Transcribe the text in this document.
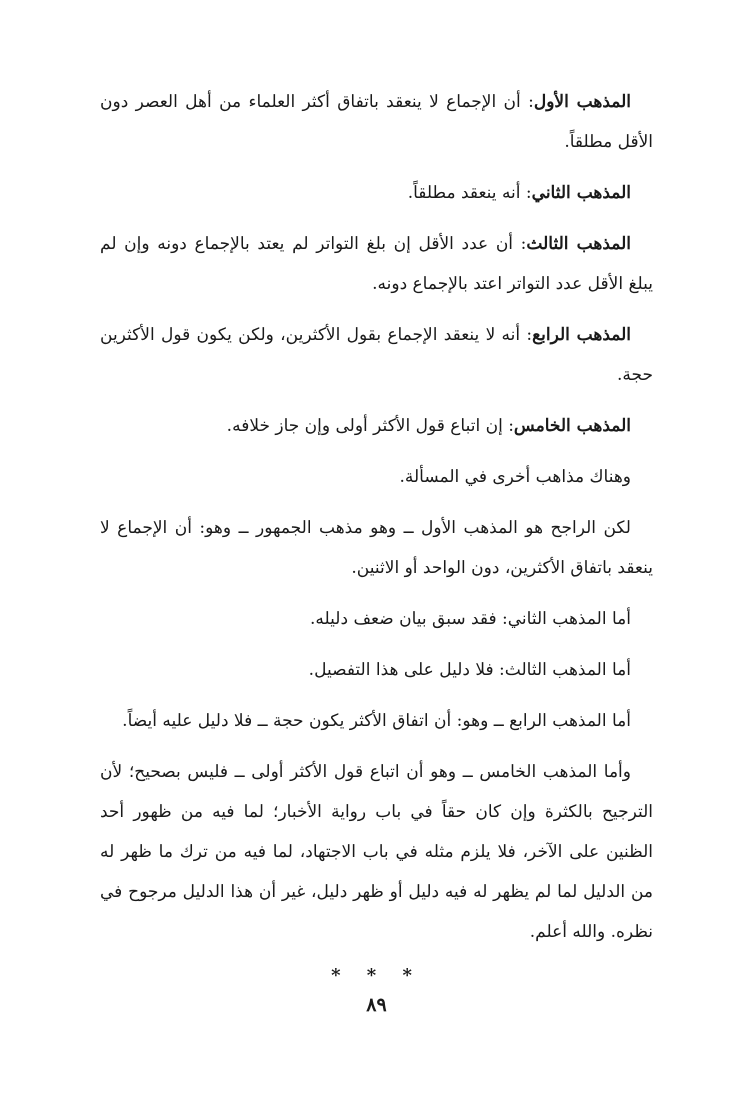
المذهب الأول: أن الإجماع لا ينعقد باتفاق أكثر العلماء من أهل العصر دون الأقل مطلقاً.

المذهب الثاني: أنه ينعقد مطلقاً.

المذهب الثالث: أن عدد الأقل إن بلغ التواتر لم يعتد بالإجماع دونه وإن لم يبلغ الأقل عدد التواتر اعتد بالإجماع دونه.

المذهب الرابع: أنه لا ينعقد الإجماع بقول الأكثرين، ولكن يكون قول الأكثرين حجة.

المذهب الخامس: إن اتباع قول الأكثر أولى وإن جاز خلافه.

وهناك مذاهب أخرى في المسألة.

لكن الراجح هو المذهب الأول ــ وهو مذهب الجمهور ــ وهو: أن الإجماع لا ينعقد باتفاق الأكثرين، دون الواحد أو الاثنين.

أما المذهب الثاني: فقد سبق بيان ضعف دليله.

أما المذهب الثالث: فلا دليل على هذا التفصيل.

أما المذهب الرابع ــ وهو: أن اتفاق الأكثر يكون حجة ــ فلا دليل عليه أيضاً.

وأما المذهب الخامس ــ وهو أن اتباع قول الأكثر أولى ــ فليس بصحيح؛ لأن الترجيح بالكثرة وإن كان حقاً في باب رواية الأخبار؛ لما فيه من ظهور أحد الظنين على الآخر، فلا يلزم مثله في باب الاجتهاد، لما فيه من ترك ما ظهر له من الدليل لما لم يظهر له فيه دليل أو ظهر دليل، غير أن هذا الدليل مرجوح في نظره. والله أعلم.

* * *
٨٩
